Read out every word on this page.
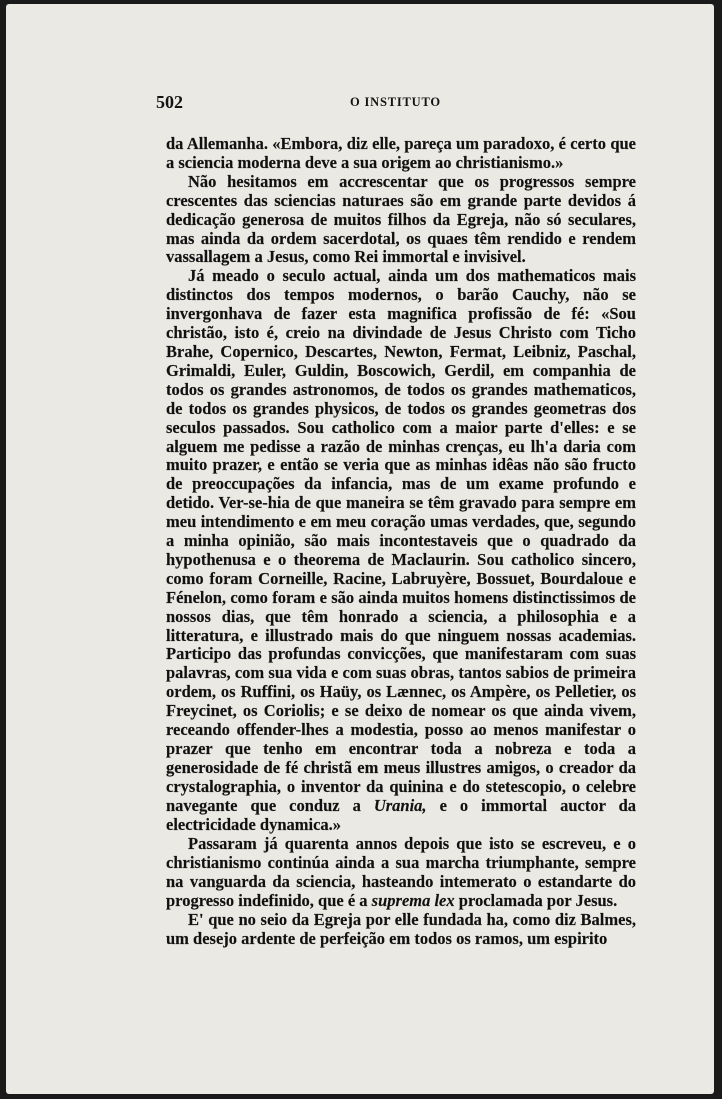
502	O INSTITUTO

da Allemanha. «Embora, diz elle, pareça um paradoxo, é certo que a sciencia moderna deve a sua origem ao christianismo.»

Não hesitamos em accrescentar que os progressos sempre crescentes das sciencias naturaes são em grande parte devidos á dedicação generosa de muitos filhos da Egreja, não só seculares, mas ainda da ordem sacerdotal, os quaes têm rendido e rendem vassallagem a Jesus, como Rei immortal e invisivel.

Já meado o seculo actual, ainda um dos mathematicos mais distinctos dos tempos modernos, o barão Cauchy, não se invergonhava de fazer esta magnifica profissão de fé: «Sou christão, isto é, creio na divindade de Jesus Christo com Ticho Brahe, Copernico, Descartes, Newton, Fermat, Leibniz, Paschal, Grimaldi, Euler, Guldin, Boscowich, Gerdil, em companhia de todos os grandes astronomos, de todos os grandes mathematicos, de todos os grandes physicos, de todos os grandes geometras dos seculos passados. Sou catholico com a maior parte d'elles: e se alguem me pedisse a razão de minhas crenças, eu lh'a daria com muito prazer, e então se veria que as minhas idêas não são fructo de preoccupações da infancia, mas de um exame profundo e detido. Ver-se-hia de que maneira se têm gravado para sempre em meu intendimento e em meu coração umas verdades, que, segundo a minha opinião, são mais incontestaveis que o quadrado da hypothenusa e o theorema de Maclaurin. Sou catholico sincero, como foram Corneille, Racine, Labruyère, Bossuet, Bourdaloue e Fénelon, como foram e são ainda muitos homens distinctissimos de nossos dias, que têm honrado a sciencia, a philosophia e a litteratura, e illustrado mais do que ninguem nossas academias. Participo das profundas convicções, que manifestaram com suas palavras, com sua vida e com suas obras, tantos sabios de primeira ordem, os Ruffini, os Haüy, os Lænnec, os Ampère, os Pelletier, os Freycinet, os Coriolis; e se deixo de nomear os que ainda vivem, receando offender-lhes a modestia, posso ao menos manifestar o prazer que tenho em encontrar toda a nobreza e toda a generosidade de fé christã em meus illustres amigos, o creador da crystalographia, o inventor da quinina e do stetescopio, o celebre navegante que conduz a Urania, e o immortal auctor da electricidade dynamica.»

Passaram já quarenta annos depois que isto se escreveu, e o christianismo continúa ainda a sua marcha triumphante, sempre na vanguarda da sciencia, hasteando intemerato o estandarte do progresso indefinido, que é a suprema lex proclamada por Jesus.

E' que no seio da Egreja por elle fundada ha, como diz Balmes, um desejo ardente de perfeição em todos os ramos, um espirito
